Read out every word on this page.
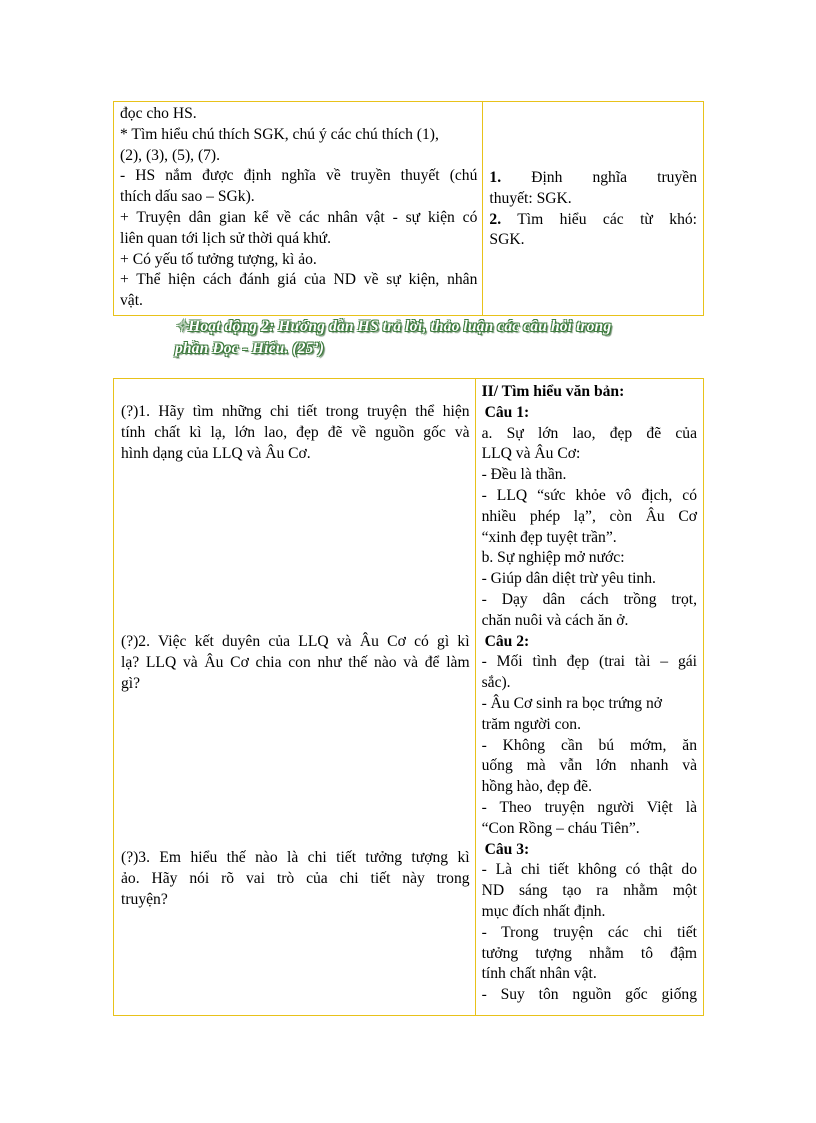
đọc cho HS.
* Tìm hiểu chú thích SGK, chú ý các chú thích (1),
(2), (3), (5), (7).
- HS nắm được định nghĩa về truyền thuyết (chú
thích dấu sao – SGk).
+ Truyện dân gian kể về các nhân vật - sự kiện có
liên quan tới lịch sử thời quá khứ.
+ Có yếu tố tưởng tượng, kì ảo.
+ Thể hiện cách đánh giá của ND về sự kiện, nhân
vật.
1. Định nghĩa truyền
thuyết: SGK.
2. Tìm hiểu các từ khó:
SGK.
✧Hoạt động 2: Hướng dẫn HS trả lời, thảo luận các câu hỏi trong
phần Đọc - Hiểu. (25’)
(?)1. Hãy tìm những chi tiết trong truyện thể hiện
tính chất kì lạ, lớn lao, đẹp đẽ về nguồn gốc và
hình dạng của LLQ và Âu Cơ.
(?)2. Việc kết duyên của LLQ và Âu Cơ có gì kì
lạ? LLQ và Âu Cơ chia con như thế nào và để làm
gì?
(?)3. Em hiểu thế nào là chi tiết tưởng tượng kì
ảo. Hãy nói rõ vai trò của chi tiết này trong
truyện?
II/ Tìm hiểu văn bản:
Câu 1:
a. Sự lớn lao, đẹp đẽ của
LLQ và Âu Cơ:
- Đều là thần.
- LLQ “sức khỏe vô địch, có
nhiều phép lạ”, còn Âu Cơ
“xinh đẹp tuyệt trần”.
b. Sự nghiệp mở nước:
- Giúp dân diệt trừ yêu tinh.
- Dạy dân cách trồng trọt,
chăn nuôi và cách ăn ở.
Câu 2:
- Mối tình đẹp (trai tài – gái
sắc).
- Âu Cơ sinh ra bọc trứng nở
trăm người con.
- Không cần bú mớm, ăn
uống mà vẫn lớn nhanh và
hồng hào, đẹp đẽ.
- Theo truyện người Việt là
“Con Rồng – cháu Tiên”.
Câu 3:
- Là chi tiết không có thật do
ND sáng tạo ra nhằm một
mục đích nhất định.
- Trong truyện các chi tiết
tưởng tượng nhằm tô đậm
tính chất nhân vật.
- Suy tôn nguồn gốc giống
